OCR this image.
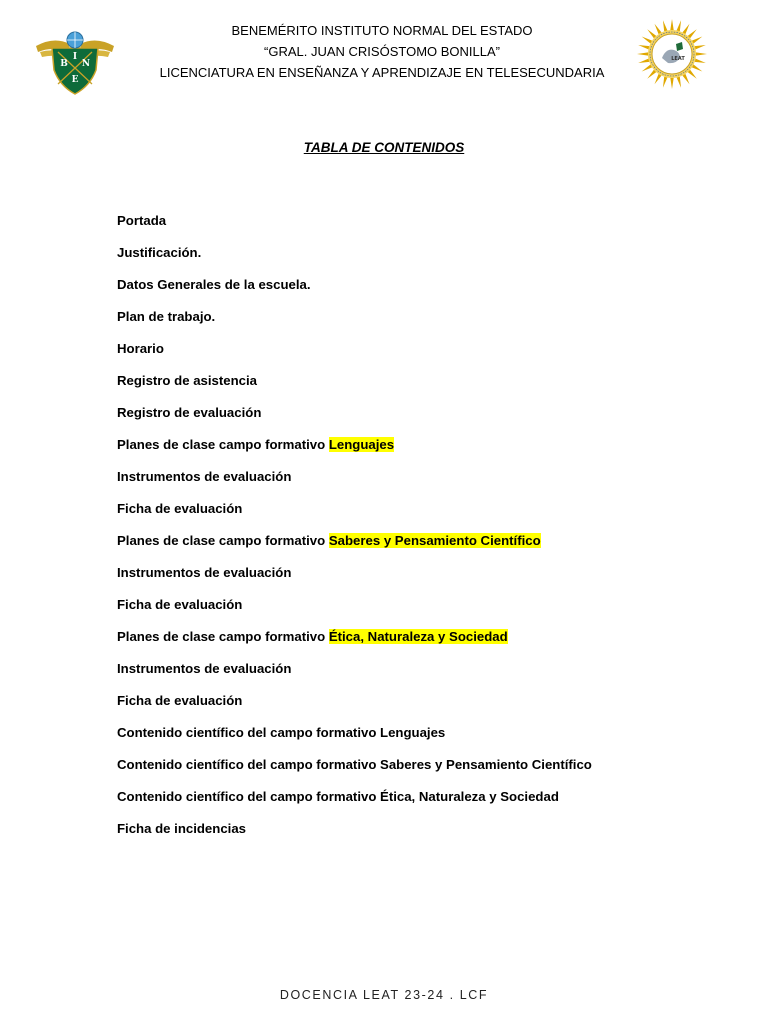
B
I
N
E
BENEMÉRITO INSTITUTO NORMAL DEL ESTADO
“GRAL. JUAN CRISÓSTOMO BONILLA”
LICENCIATURA EN ENSEÑANZA Y APRENDIZAJE EN TELESECUNDARIA
LEAT
TABLA DE CONTENIDOS
Portada
Justificación.
Datos Generales de la escuela.
Plan de trabajo.
Horario
Registro de asistencia
Registro de evaluación
Planes de clase campo formativo Lenguajes
Instrumentos de evaluación
Ficha de evaluación
Planes de clase campo formativo Saberes y Pensamiento Científico
Instrumentos de evaluación
Ficha de evaluación
Planes de clase campo formativo Ética, Naturaleza y Sociedad
Instrumentos de evaluación
Ficha de evaluación
Contenido científico del campo formativo Lenguajes
Contenido científico del campo formativo Saberes y Pensamiento Científico
Contenido científico del campo formativo Ética, Naturaleza y Sociedad
Ficha de incidencias
DOCENCIA LEAT 23-24 . LCF
